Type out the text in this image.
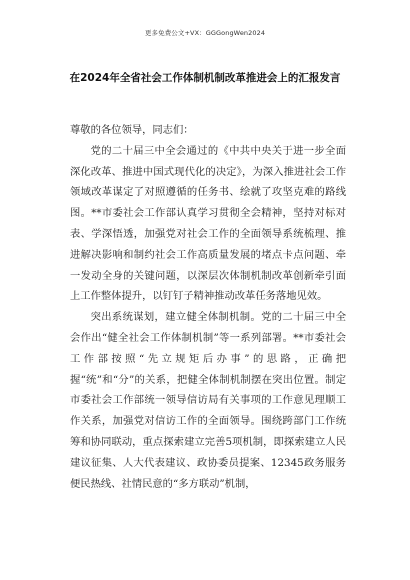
更多免费公文+VX：GGGongWen2024
在2024年全省社会工作体制机制改革推进会上的汇报发言

尊敬的各位领导，同志们：

党的二十届三中全会通过的《中共中央关于进一步全面深化改革、推进中国式现代化的决定》，为深入推进社会工作领域改革谋定了对照遵循的任务书、绘就了攻坚克难的路线图。**市委社会工作部认真学习贯彻全会精神，坚持对标对表、学深悟透，加强党对社会工作的全面领导系统梳理、推进解决影响和制约社会工作高质量发展的堵点卡点问题、牵一发动全身的关键问题，以深层次体制机制改革创新牵引面上工作整体提升，以钉钉子精神推动改革任务落地见效。

突出系统谋划，建立健全体制机制。党的二十届三中全会作出“健全社会工作体制机制”等一系列部署。**市委社会工作部按照“先立规矩后办事”的思路，正确把握“统”和“分”的关系，把健全体制机制摆在突出位置。制定市委社会工作部统一领导信访局有关事项的工作意见理顺工作关系，加强党对信访工作的全面领导。围绕跨部门工作统筹和协同联动，重点探索建立完善5项机制，即探索建立人民建议征集、人大代表建议、政协委员提案、12345政务服务便民热线、社情民意的“多方联动”机制，
